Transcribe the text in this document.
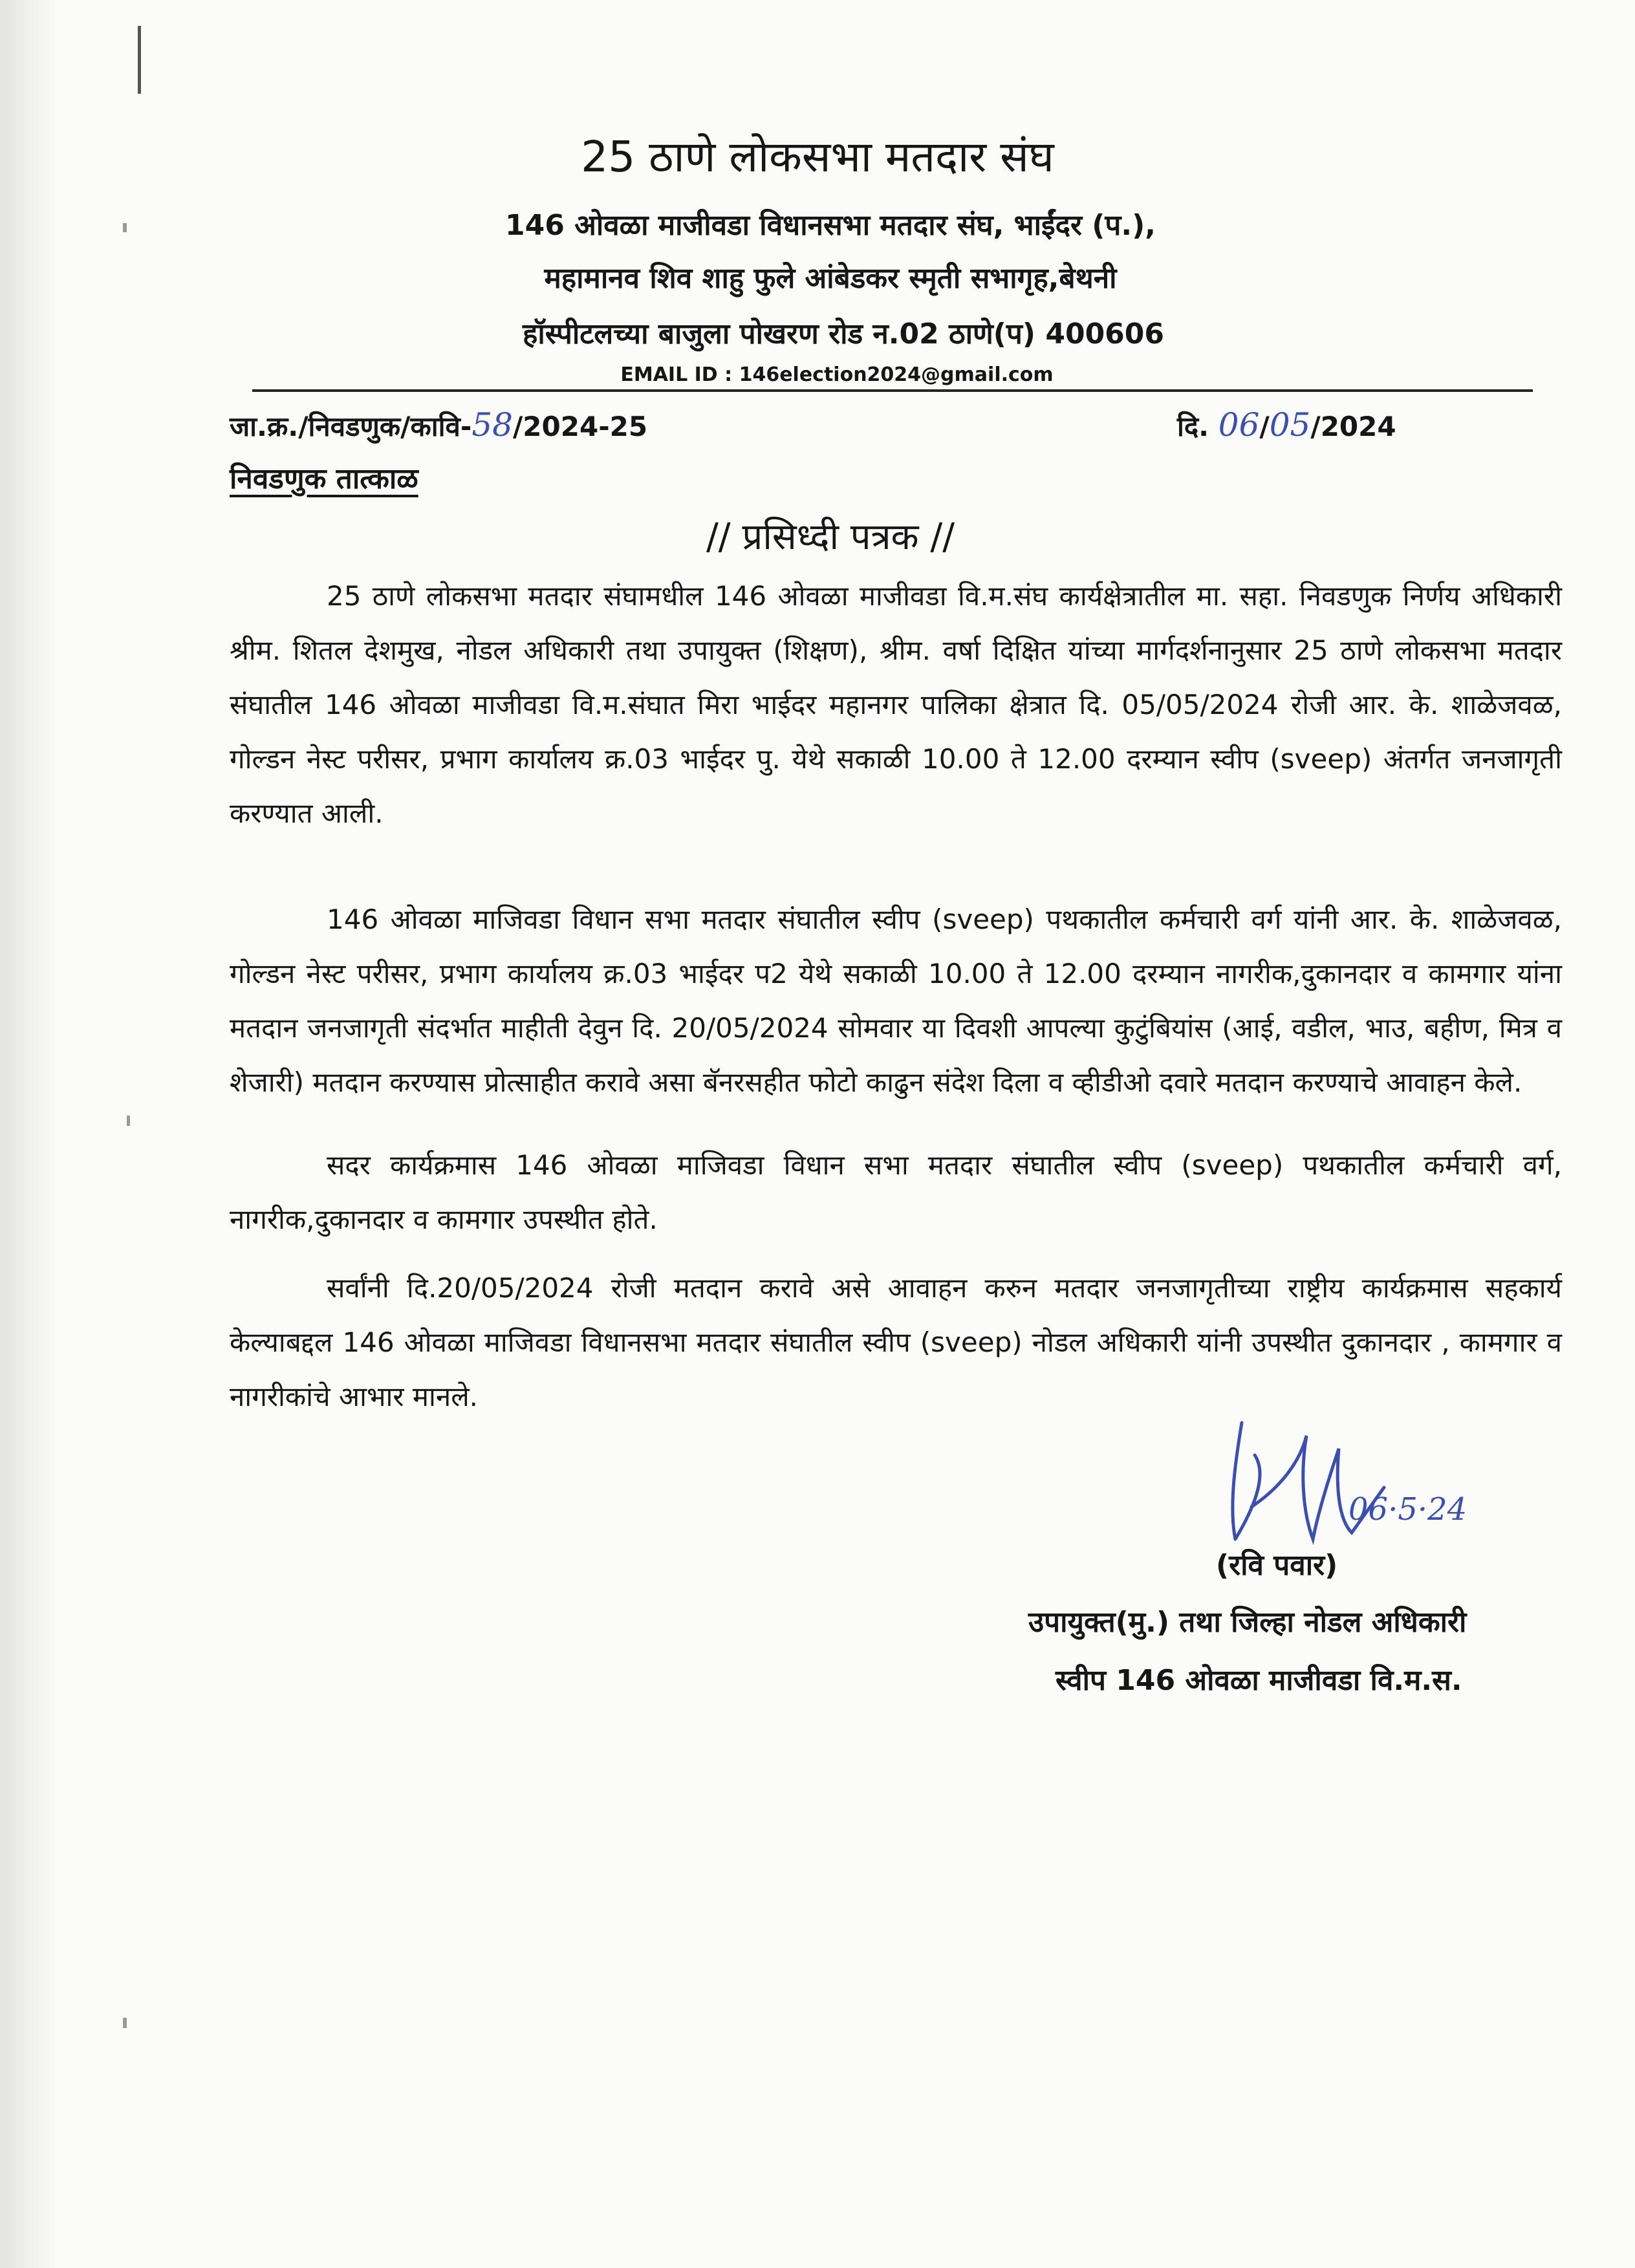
25 ठाणे लोकसभा मतदार संघ
146 ओवळा माजीवडा विधानसभा मतदार संघ, भाईंदर (प.),
महामानव शिव शाहु फुले आंबेडकर स्मृती सभागृह,बेथनी
हॉस्पीटलच्या बाजुला पोखरण रोड न.02 ठाणे(प) 400606
EMAIL ID : 146election2024@gmail.com
जा.क्र./निवडणुक/कावि-58/2024-25	दि. 06/05/2024
निवडणुक तात्काळ
// प्रसिध्दी पत्रक //

25 ठाणे लोकसभा मतदार संघामधील 146 ओवळा माजीवडा वि.म.संघ कार्यक्षेत्रातील मा. सहा. निवडणुक निर्णय अधिकारी श्रीम. शितल देशमुख, नोडल अधिकारी तथा उपायुक्त (शिक्षण), श्रीम. वर्षा दिक्षित यांच्या मार्गदर्शनानुसार 25 ठाणे लोकसभा मतदार संघातील 146 ओवळा माजीवडा वि.म.संघात मिरा भाईदर महानगर पालिका क्षेत्रात दि. 05/05/2024 रोजी आर. के. शाळेजवळ, गोल्डन नेस्ट परीसर, प्रभाग कार्यालय क्र.03 भाईदर पु. येथे सकाळी 10.00 ते 12.00 दरम्यान स्वीप (sveep) अंतर्गत जनजागृती करण्यात आली.

146 ओवळा माजिवडा विधान सभा मतदार संघातील स्वीप (sveep) पथकातील कर्मचारी वर्ग यांनी आर. के. शाळेजवळ, गोल्डन नेस्ट परीसर, प्रभाग कार्यालय क्र.03 भाईदर प2 येथे सकाळी 10.00 ते 12.00 दरम्यान नागरीक,दुकानदार व कामगार यांना मतदान जनजागृती संदर्भात माहीती देवुन दि. 20/05/2024 सोमवार या दिवशी आपल्या कुटुंबियांस (आई, वडील, भाउ, बहीण, मित्र व शेजारी) मतदान करण्यास प्रोत्साहीत करावे असा बॅनरसहीत फोटो काढुन संदेश दिला व व्हीडीओ दवारे मतदान करण्याचे आवाहन केले.

सदर कार्यक्रमास 146 ओवळा माजिवडा विधान सभा मतदार संघातील स्वीप (sveep) पथकातील कर्मचारी वर्ग, नागरीक,दुकानदार व कामगार उपस्थीत होते.

सर्वांनी दि.20/05/2024 रोजी मतदान करावे असे आवाहन करुन मतदार जनजागृतीच्या राष्ट्रीय कार्यक्रमास सहकार्य केल्याबद्दल 146 ओवळा माजिवडा विधानसभा मतदार संघातील स्वीप (sveep) नोडल अधिकारी यांनी उपस्थीत दुकानदार , कामगार व नागरीकांचे आभार मानले.

06·5·24
(रवि पवार)
उपायुक्त(मु.) तथा जिल्हा नोडल अधिकारी
स्वीप 146 ओवळा माजीवडा वि.म.स.
